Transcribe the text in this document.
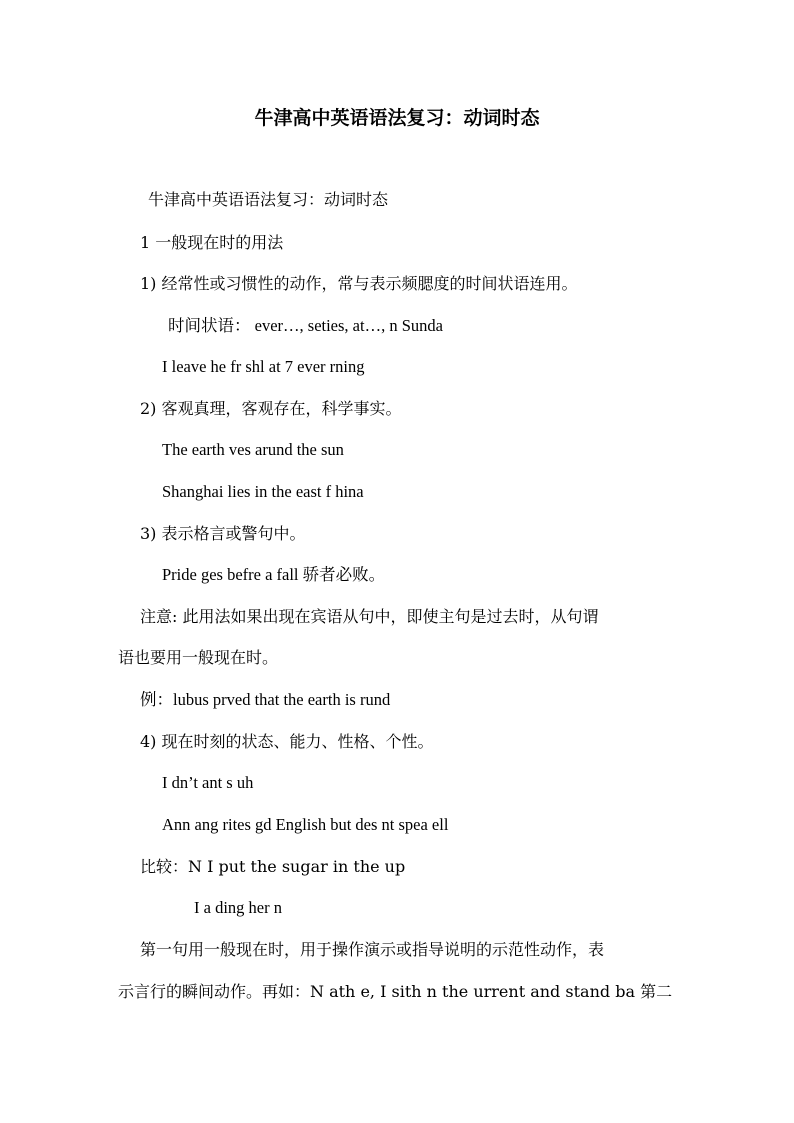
牛津高中英语语法复习：动词时态

牛津高中英语语法复习：动词时态

1 一般现在时的用法

1) 经常性或习惯性的动作，常与表示频腮度的时间状语连用。

时间状语： ever…, seties, at…, n Sunda

I leave he fr shl at 7 ever rning

2) 客观真理，客观存在，科学事实。

The earth ves arund the sun

Shanghai lies in the east f hina

3) 表示格言或警句中。

Pride ges befre a fall 骄者必败。

注意: 此用法如果出现在宾语从句中，即使主句是过去时，从句谓

语也要用一般现在时。

例：lubus prved that the earth is rund

4) 现在时刻的状态、能力、性格、个性。

I dn’t ant s uh

Ann ang rites gd English but des nt spea ell

比较：N I put the sugar in the up

I a ding her n

第一句用一般现在时，用于操作演示或指导说明的示范性动作，表

示言行的瞬间动作。再如：N ath e, I sith n the urrent and stand ba 第二
